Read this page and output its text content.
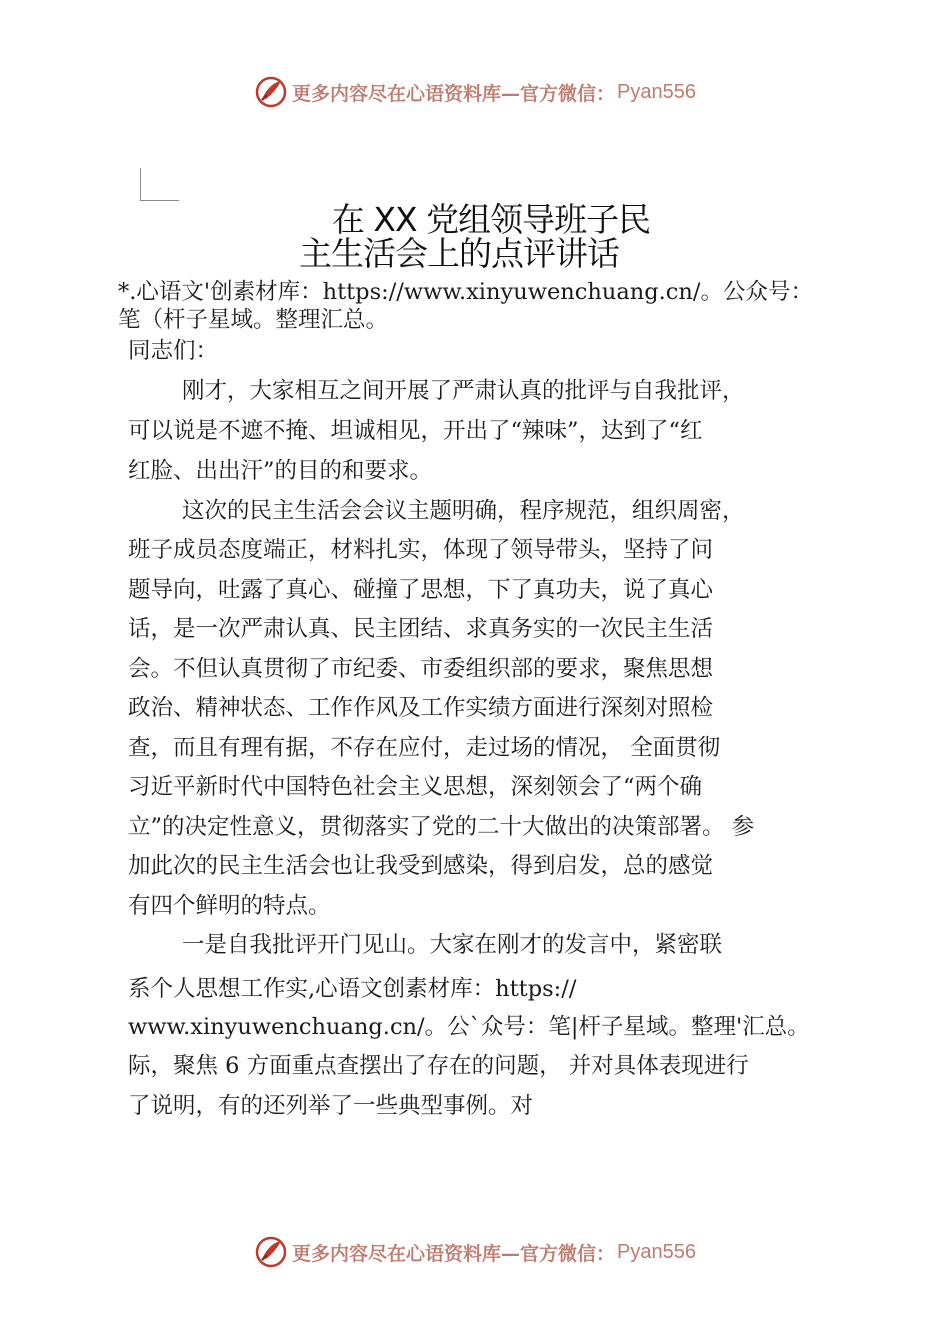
更多内容尽在心语资料库—官方微信： Pyan556
在 XX 党组领导班子民
主生活会上的点评讲话
*.心语文'创素材库：https://www.xinyuwenchuang.cn/。公众号：
笔（杆子星域。整理汇总。
同志们：
刚才，大家相互之间开展了严肃认真的批评与自我批评，
可以说是不遮不掩、坦诚相见，开出了“辣味”，达到了“红
红脸、出出汗”的目的和要求。
这次的民主生活会会议主题明确，程序规范，组织周密，
班子成员态度端正，材料扎实，体现了领导带头，坚持了问
题导向，吐露了真心、碰撞了思想，下了真功夫，说了真心
话，是一次严肃认真、民主团结、求真务实的一次民主生活
会。不但认真贯彻了市纪委、市委组织部的要求，聚焦思想
政治、精神状态、工作作风及工作实绩方面进行深刻对照检
查，而且有理有据，不存在应付，走过场的情况， 全面贯彻
习近平新时代中国特色社会主义思想，深刻领会了“两个确
立”的决定性意义，贯彻落实了党的二十大做出的决策部署。 参
加此次的民主生活会也让我受到感染，得到启发，总的感觉
有四个鲜明的特点。
一是自我批评开门见山。大家在刚才的发言中，紧密联
系个人思想工作实,心语文创素材库：https://
www.xinyuwenchuang.cn/。公`众号：笔|杆子星域。整理'汇总。
际，聚焦 6 方面重点查摆出了存在的问题， 并对具体表现进行
了说明，有的还列举了一些典型事例。对
更多内容尽在心语资料库—官方微信： Pyan556
